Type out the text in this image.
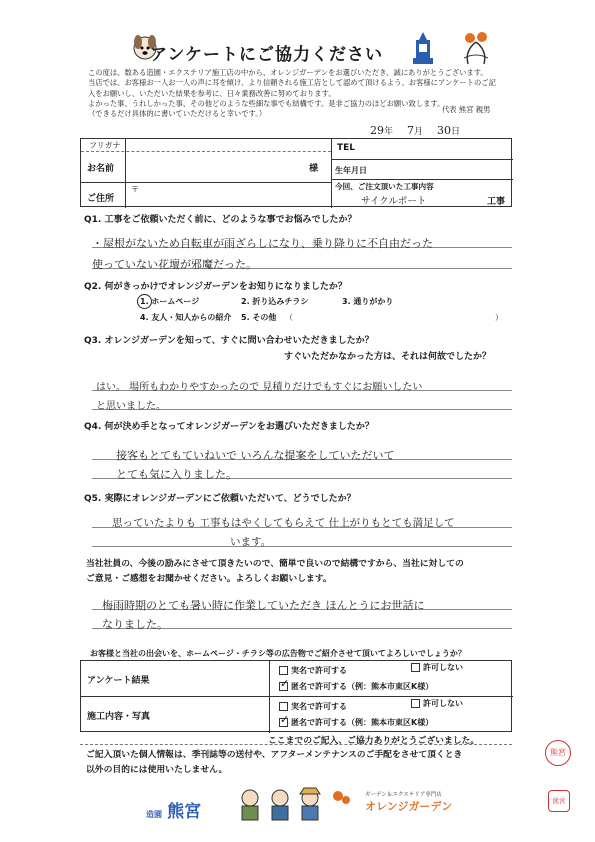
アンケートにご協力ください
この度は、数ある造園・エクステリア施工店の中から、オレンジガーデンをお選びいただき、誠にありがとうございます。
当店では、お客様お一人お一人の声に耳を傾け、より信頼される施工店として認めて頂けるよう、お客様にアンケートのご記
入をお願いし、いただいた結果を参考に、日々業務改善に努めております。
よかった事、うれしかった事、その他どのような些細な事でも結構です。是非ご協力のほどお願い致します。
（できるだけ具体的に書いていただけると幸いです。）	代表 熊宮 親男
29年 7月 30日
フリガナ
お名前	様
ご住所
〒
TEL
生年月日
今回、ご注文頂いた工事内容
サイクルポート	工事
Q1. 工事をご依頼いただく前に、どのような事でお悩みでしたか？
・屋根がないため自転車が雨ざらしになり、乗り降りに不自由だった
使っていない花壇が邪魔だった。
Q2. 何がきっかけでオレンジガーデンをお知りになりましたか？
1. ホームページ	2. 折り込みチラシ	3. 通りがかり
4. 友人・知人からの紹介 5. その他 （	）
Q3. オレンジガーデンを知って、すぐに問い合わせいただきましたか？
すぐいただかなかった方は、それは何故でしたか？
はい。 場所もわかりやすかったので 見積りだけでもすぐにお願いしたい
と思いました。
Q4. 何が決め手となってオレンジガーデンをお選びいただきましたか？
接客もとてもていねいで いろんな提案をしていただいて
とても気に入りました。
Q5. 実際にオレンジガーデンにご依頼いただいて、どうでしたか？
思っていたよりも 工事もはやくしてもらえて 仕上がりもとても満足して
います。
当社社員の、今後の励みにさせて頂きたいので、簡単で良いので結構ですから、当社に対しての
ご意見・ご感想をお聞かせください。よろしくお願いします。
梅雨時期のとても暑い時に作業していただき ほんとうにお世話に
なりました。
お客様と当社の出会いを、ホームページ・チラシ等の広告物でご紹介させて頂いてよろしいでしょうか？
アンケート結果
実名で許可する	許可しない
✓ 匿名で許可する（例：熊本市東区K様）
施工内容・写真
実名で許可する	許可しない
✓ 匿名で許可する（例：熊本市東区K様）
ここまでのご記入、ご協力ありがとうございました。
ご記入頂いた個人情報は、季刊誌等の送付や、アフターメンテナンスのご手配をさせて頂くとき
以外の目的には使用いたしません。
造園 熊宮
ガーデン＆エクステリア専門店
オレンジガーデン
熊宮
熊宮
